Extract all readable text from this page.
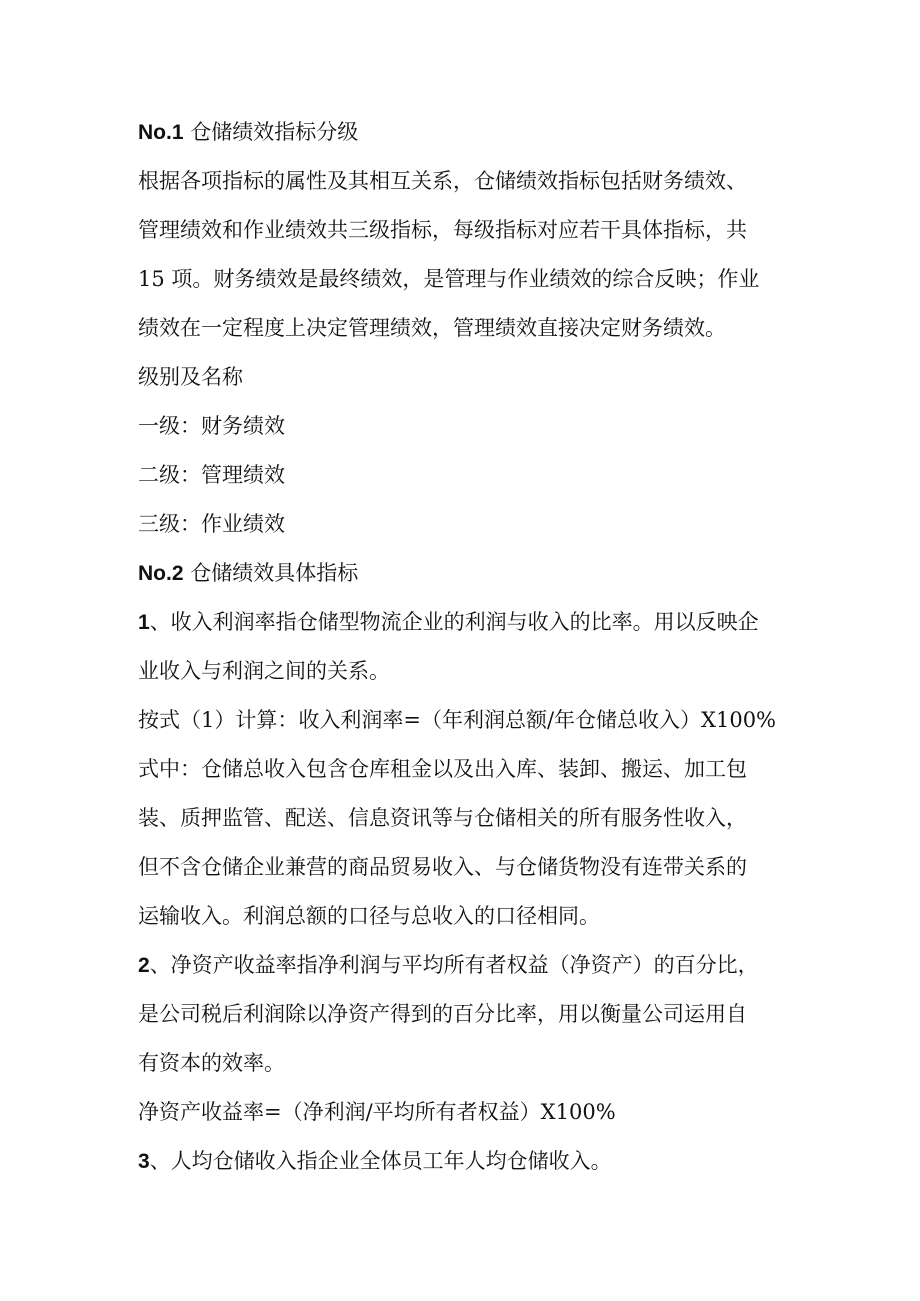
No.1 仓储绩效指标分级
根据各项指标的属性及其相互关系，仓储绩效指标包括财务绩效、
管理绩效和作业绩效共三级指标，每级指标对应若干具体指标，共
15 项。财务绩效是最终绩效，是管理与作业绩效的综合反映；作业
绩效在一定程度上决定管理绩效，管理绩效直接决定财务绩效。
级别及名称
一级：财务绩效
二级：管理绩效
三级：作业绩效
No.2 仓储绩效具体指标
1、收入利润率指仓储型物流企业的利润与收入的比率。用以反映企
业收入与利润之间的关系。
按式（1）计算：收入利润率=（年利润总额/年仓储总收入）X100%
式中：仓储总收入包含仓库租金以及出入库、装卸、搬运、加工包
装、质押监管、配送、信息资讯等与仓储相关的所有服务性收入，
但不含仓储企业兼营的商品贸易收入、与仓储货物没有连带关系的
运输收入。利润总额的口径与总收入的口径相同。
2、净资产收益率指净利润与平均所有者权益（净资产）的百分比，
是公司税后利润除以净资产得到的百分比率，用以衡量公司运用自
有资本的效率。
净资产收益率=（净利润/平均所有者权益）X100%
3、人均仓储收入指企业全体员工年人均仓储收入。
